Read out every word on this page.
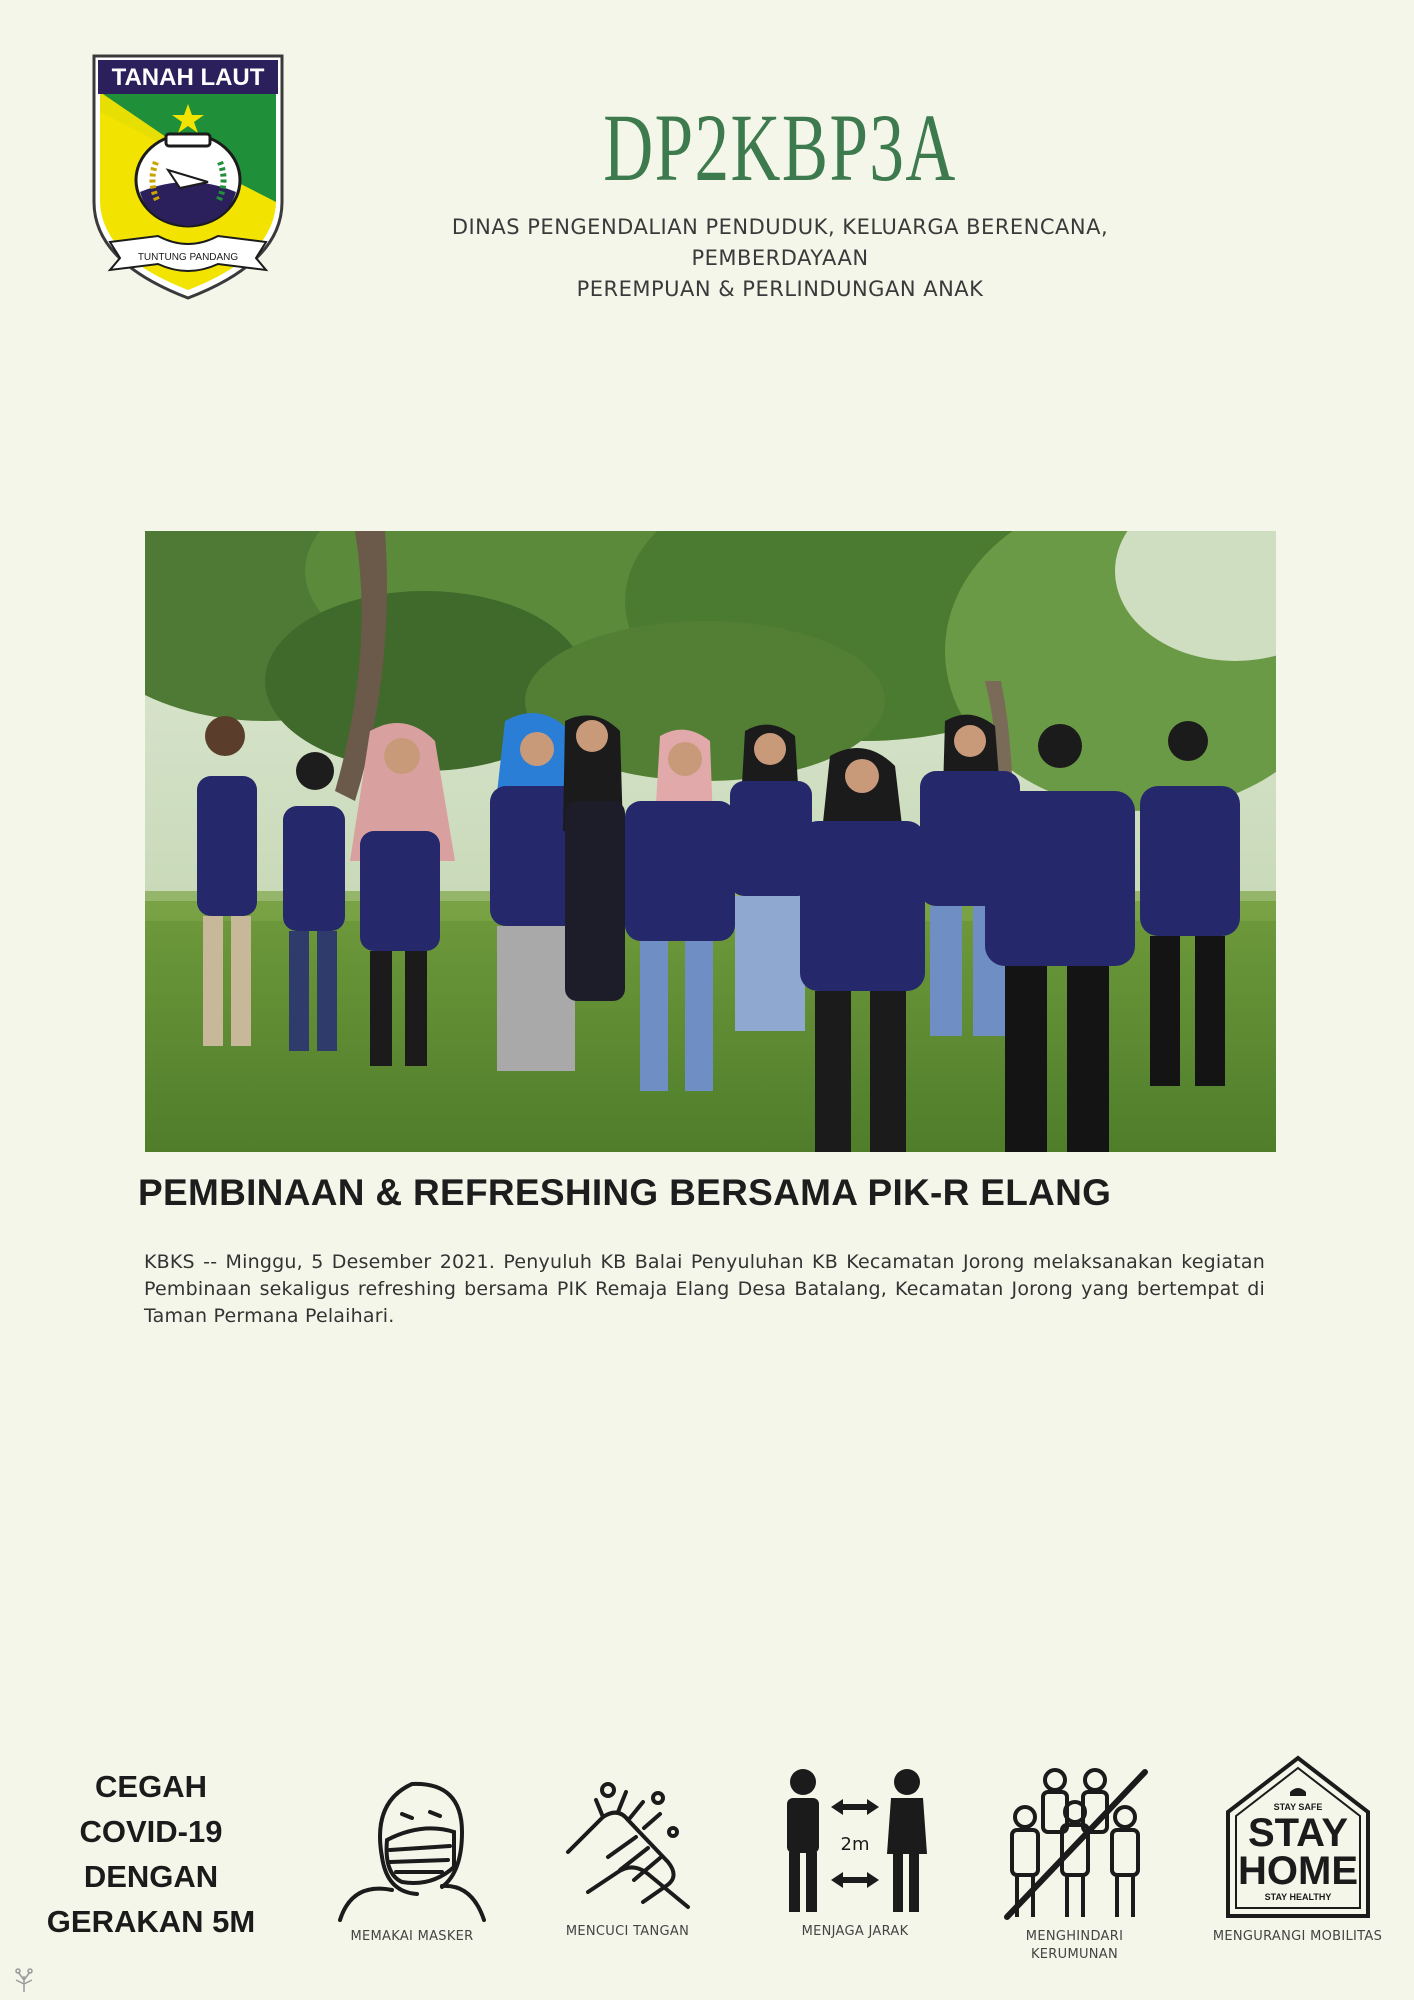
TANAH LAUT
TUNTUNG PANDANG
DP2KBP3A
DINAS PENGENDALIAN PENDUDUK, KELUARGA BERENCANA, PEMBERDAYAAN
PEREMPUAN & PERLINDUNGAN ANAK
PEMBINAAN & REFRESHING BERSAMA PIK-R ELANG
KBKS -- Minggu, 5 Desember 2021. Penyuluh KB Balai Penyuluhan KB Kecamatan Jorong melaksanakan kegiatan Pembinaan sekaligus refreshing bersama PIK Remaja Elang Desa Batalang, Kecamatan Jorong yang bertempat di Taman Permana Pelaihari.
CEGAH
COVID-19
DENGAN
GERAKAN 5M	MEMAKAI MASKER	MENCUCI TANGAN
2m
MENJAGA JARAK	MENGHINDARI KERUMUNAN
STAY SAFE
STAY
HOME
STAY HEALTHY
MENGURANGI MOBILITAS
